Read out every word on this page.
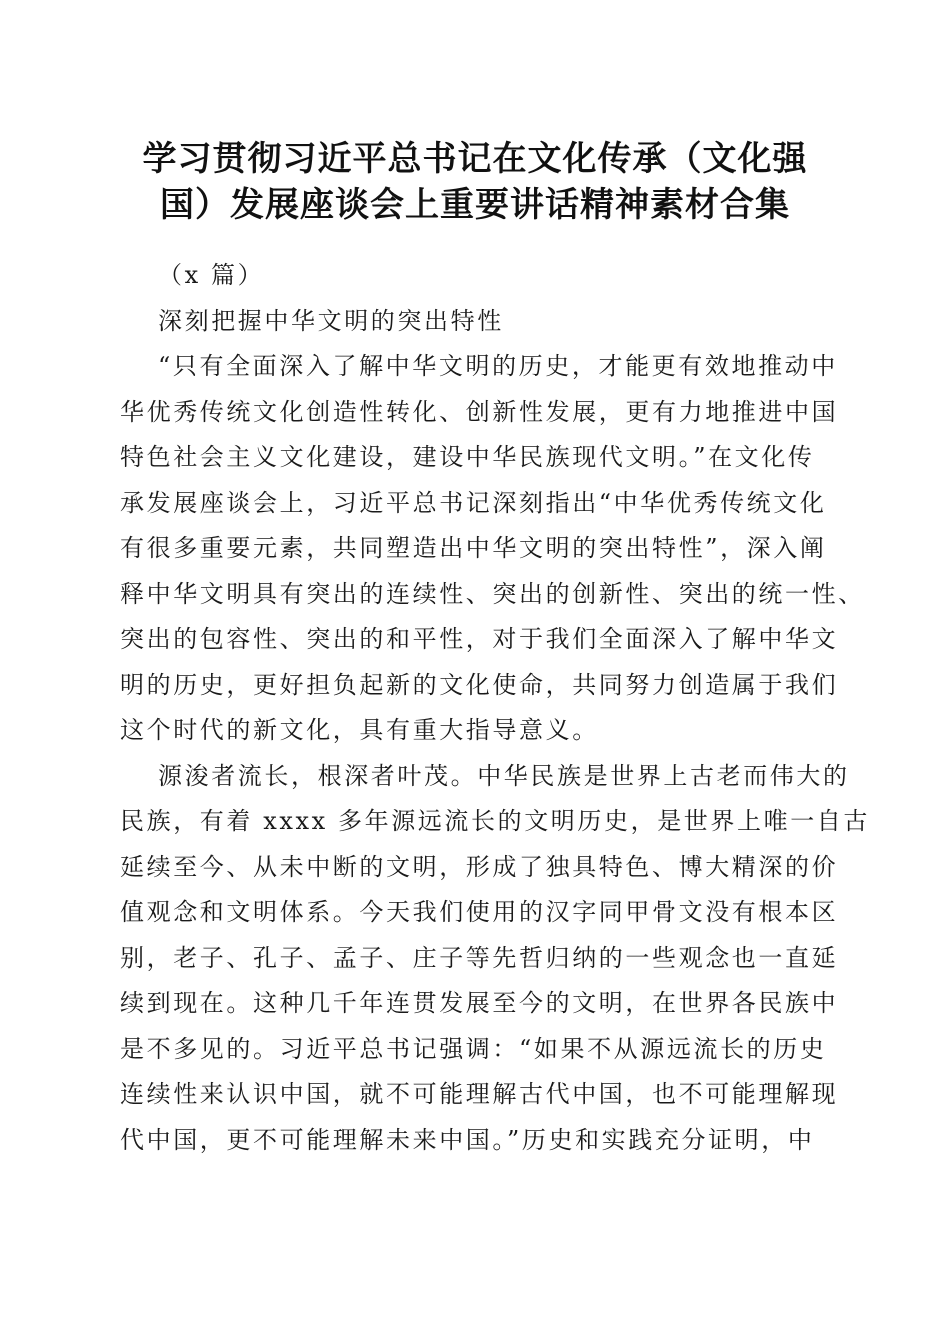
学习贯彻习近平总书记在文化传承（文化强
国）发展座谈会上重要讲话精神素材合集

（x 篇）

深刻把握中华文明的突出特性

“只有全面深入了解中华文明的历史，才能更有效地推动中
华优秀传统文化创造性转化、创新性发展，更有力地推进中国
特色社会主义文化建设，建设中华民族现代文明。”在文化传
承发展座谈会上，习近平总书记深刻指出“中华优秀传统文化
有很多重要元素，共同塑造出中华文明的突出特性”，深入阐
释中华文明具有突出的连续性、突出的创新性、突出的统一性、
突出的包容性、突出的和平性，对于我们全面深入了解中华文
明的历史，更好担负起新的文化使命，共同努力创造属于我们
这个时代的新文化，具有重大指导意义。
源浚者流长，根深者叶茂。中华民族是世界上古老而伟大的
民族，有着 xxxx 多年源远流长的文明历史，是世界上唯一自古
延续至今、从未中断的文明，形成了独具特色、博大精深的价
值观念和文明体系。今天我们使用的汉字同甲骨文没有根本区
别，老子、孔子、孟子、庄子等先哲归纳的一些观念也一直延
续到现在。这种几千年连贯发展至今的文明，在世界各民族中
是不多见的。习近平总书记强调：“如果不从源远流长的历史
连续性来认识中国，就不可能理解古代中国，也不可能理解现
代中国，更不可能理解未来中国。”历史和实践充分证明，中
